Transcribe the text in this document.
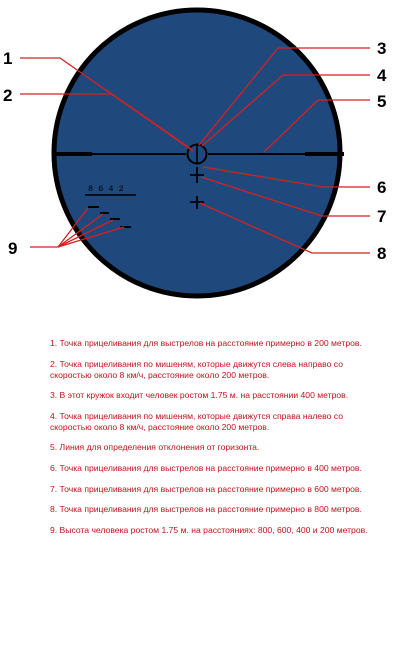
8 6 4 2
1
2
3
4
5
6
7
8
9
1. Точка прицеливания для выстрелов на расстояние примерно в 200 метров.
2. Точка прицеливания по мишеням, которые движутся слева направо со скоростью около 8 км/ч, расстояние около 200 метров.
3. В этот кружок входит человек ростом 1.75 м. на расстоянии 400 метров.
4. Точка прицеливания по мишеням, которые движутся справа налево со скоростью около 8 км/ч, расстояние около 200 метров.
5. Линия для определения отклонения от горизонта.
6. Точка прицеливания для выстрелов на расстояние примерно в 400 метров.
7. Точка прицеливания для выстрелов на расстояние примерно в 600 метров.
8. Точка прицеливания для выстрелов на расстояние примерно в 800 метров.
9. Высота человека ростом 1.75 м. на расстояниях: 800, 600, 400 и 200 метров.
